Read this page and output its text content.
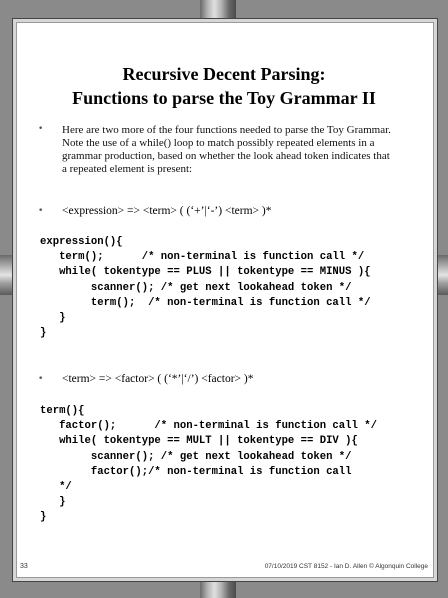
Recursive Decent Parsing:
Functions to parse the Toy Grammar II
• Here are two more of the four functions needed to parse the Toy Grammar. Note the use of a while() loop to match possibly repeated elements in a grammar production, based on whether the look ahead token indicates that a repeated element is present:
• <expression> => <term> ( (‘+’|‘-’) <term> )*
expression(){
term();      /* non-terminal is function call */
while( tokentype == PLUS || tokentype == MINUS ){
scanner(); /* get next lookahead token */
term();  /* non-terminal is function call */
}
}
• <term> => <factor> ( (‘*’|‘/’) <factor> )*
term(){
factor();      /* non-terminal is function call */
while( tokentype == MULT || tokentype == DIV ){
scanner(); /* get next lookahead token */
factor();/* non-terminal is function call
*/
}
}
33	07/10/2019 CST 8152 - Ian D. Allen © Algonquin College
